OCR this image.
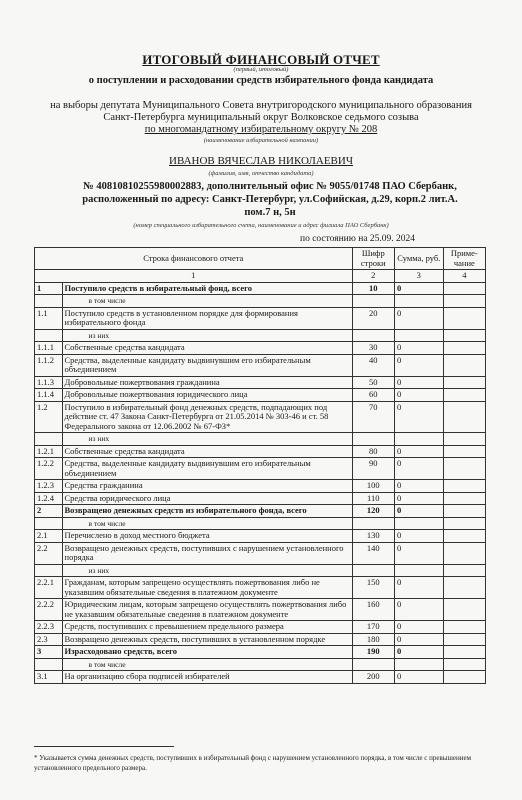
ИТОГОВЫЙ ФИНАНСОВЫЙ ОТЧЕТ
(первый, итоговый)
о поступлении и расходовании средств избирательного фонда кандидата
на выборы депутата Муниципального Совета внутригородского муниципального образования
Санкт-Петербурга муниципальный округ Волковское седьмого созыва
по многомандатному избирательному округу № 208
(наименование избирательной кампании)
ИВАНОВ ВЯЧЕСЛАВ НИКОЛАЕВИЧ
(фамилия, имя, отчество кандидата)
№ 40810810255980002883, дополнительный офис № 9055/01748 ПАО Сбербанк, расположенный по адресу: Санкт-Петербург, ул.Софийская, д.29, корп.2 лит.А. пом.7 н, 5н
(номер специального избирательного счета, наименование и адрес филиала ПАО Сбербанк)
по состоянию на 25.09. 2024
Строка финансового отчета		Шифр строки	Сумма, руб.	Приме-чание
1		2	3	4
1	Поступило средств в избирательный фонд, всего	10	0	
	в том числе			
1.1	Поступило средств в установленном порядке для формирования избирательного фонда	20	0	
	из них			
1.1.1	Собственные средства кандидата	30	0	
1.1.2	Средства, выделенные кандидату выдвинувшим его избирательным объединением	40	0	
1.1.3	Добровольные пожертвования гражданина	50	0	
1.1.4	Добровольные пожертвования юридического лица	60	0	
1.2	Поступило в избирательный фонд денежных средств, подпадающих под действие ст. 47 Закона Санкт-Петербурга от 21.05.2014 № 303-46 и ст. 58 Федерального закона от 12.06.2002 № 67-ФЗ*	70	0	
	из них			
1.2.1	Собственные средства кандидата	80	0	
1.2.2	Средства, выделенные кандидату выдвинувшим его избирательным объединением	90	0	
1.2.3	Средства гражданина	100	0	
1.2.4	Средства юридического лица	110	0	
2	Возвращено денежных средств из избирательного фонда, всего	120	0	
	в том числе			
2.1	Перечислено в доход местного бюджета	130	0	
2.2	Возвращено денежных средств, поступивших с нарушением установленного порядка	140	0	
	из них			
2.2.1	Гражданам, которым запрещено осуществлять пожертвования либо не указавшим обязательные сведения в платежном документе	150	0	
2.2.2	Юридическим лицам, которым запрещено осуществлять пожертвования либо не указавшим обязательные сведения в платежном документе	160	0	
2.2.3	Средств, поступивших с превышением предельного размера	170	0	
2.3	Возвращено денежных средств, поступивших в установленном порядке	180	0	
3	Израсходовано средств, всего	190	0	
	в том числе			
3.1	На организацию сбора подписей избирателей	200	0	
* Указывается сумма денежных средств, поступивших в избирательный фонд с нарушением установленного порядка, в том числе с превышением установленного предельного размера.
